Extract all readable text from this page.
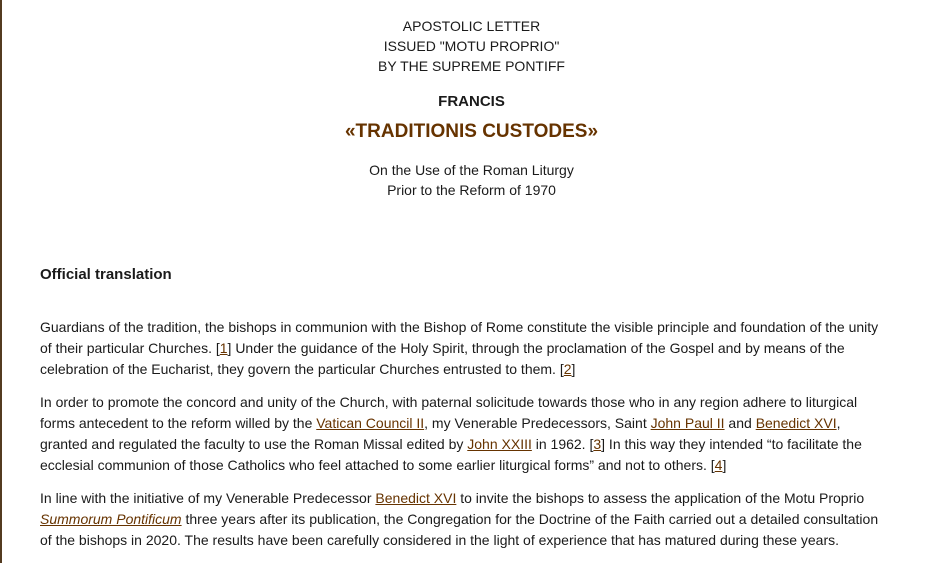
APOSTOLIC LETTER
ISSUED "MOTU PROPRIO"
BY THE SUPREME PONTIFF
FRANCIS
«TRADITIONIS CUSTODES»
On the Use of the Roman Liturgy
Prior to the Reform of 1970
Official translation

Guardians of the tradition, the bishops in communion with the Bishop of Rome constitute the visible principle and foundation of the unity of their particular Churches. [1] Under the guidance of the Holy Spirit, through the proclamation of the Gospel and by means of the celebration of the Eucharist, they govern the particular Churches entrusted to them. [2]

In order to promote the concord and unity of the Church, with paternal solicitude towards those who in any region adhere to liturgical forms antecedent to the reform willed by the Vatican Council II, my Venerable Predecessors, Saint John Paul II and Benedict XVI, granted and regulated the faculty to use the Roman Missal edited by John XXIII in 1962. [3] In this way they intended “to facilitate the ecclesial communion of those Catholics who feel attached to some earlier liturgical forms” and not to others. [4]

In line with the initiative of my Venerable Predecessor Benedict XVI to invite the bishops to assess the application of the Motu Proprio Summorum Pontificum three years after its publication, the Congregation for the Doctrine of the Faith carried out a detailed consultation of the bishops in 2020. The results have been carefully considered in the light of experience that has matured during these years.
